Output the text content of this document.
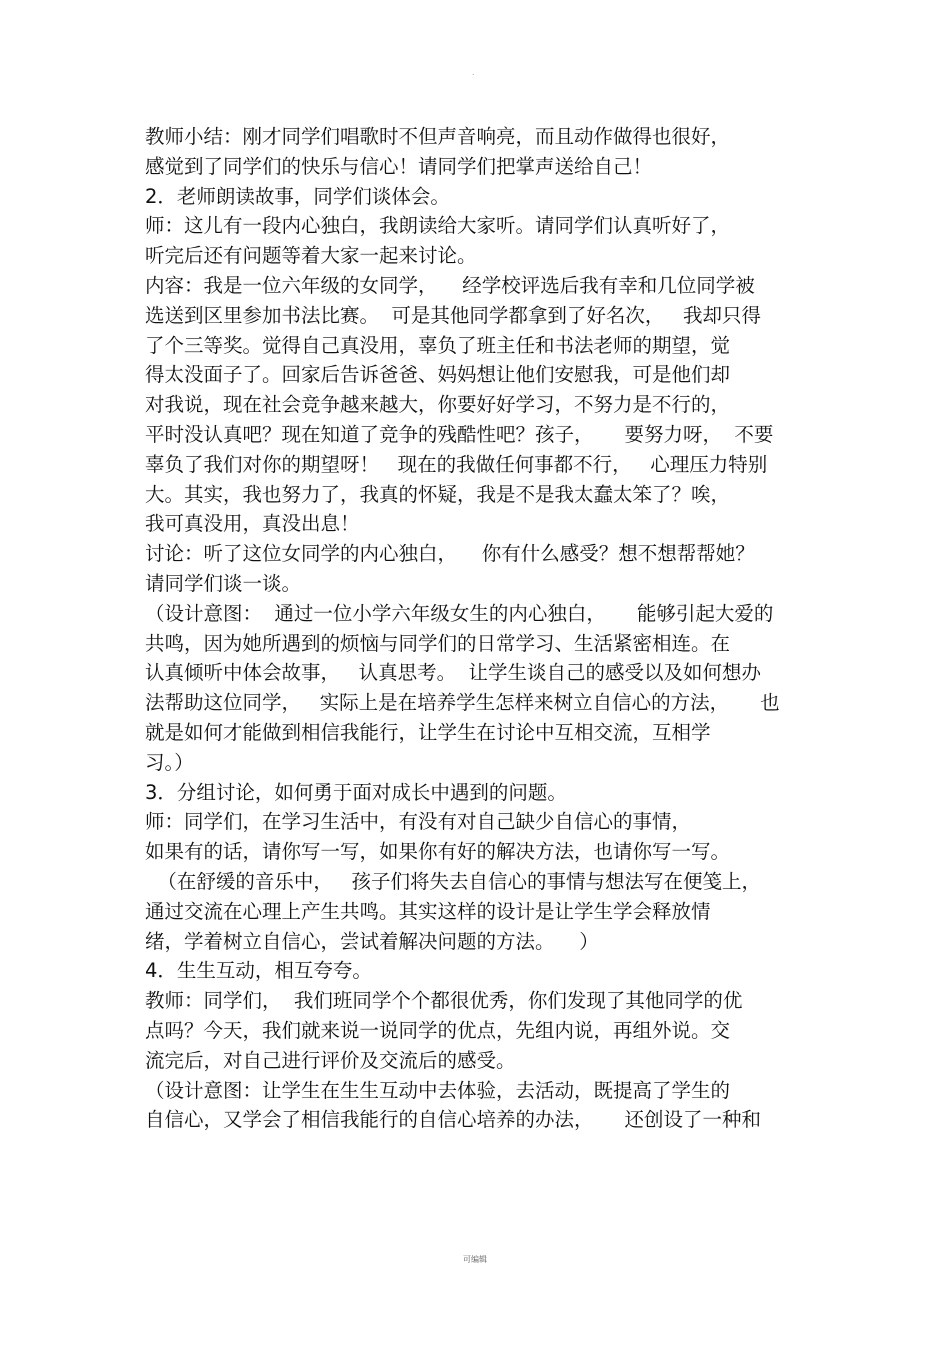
.
教师小结：刚才同学们唱歌时不但声音响亮，而且动作做得也很好，
感觉到了同学们的快乐与信心！请同学们把掌声送给自己！
2．老师朗读故事，同学们谈体会。
师：这儿有一段内心独白，我朗读给大家听。请同学们认真听好了，
听完后还有问题等着大家一起来讨论。
内容：我是一位六年级的女同学，    经学校评选后我有幸和几位同学被
选送到区里参加书法比赛。  可是其他同学都拿到了好名次，   我却只得
了个三等奖。觉得自己真没用，辜负了班主任和书法老师的期望，觉
得太没面子了。回家后告诉爸爸、妈妈想让他们安慰我，可是他们却
对我说，现在社会竞争越来越大，你要好好学习，不努力是不行的，
平时没认真吧？现在知道了竞争的残酷性吧？孩子，     要努力呀，  不要
辜负了我们对你的期望呀！   现在的我做任何事都不行，   心理压力特别
大。其实，我也努力了，我真的怀疑，我是不是我太蠢太笨了？唉，
我可真没用，真没出息！
讨论：听了这位女同学的内心独白，    你有什么感受？想不想帮帮她？
请同学们谈一谈。
（设计意图：  通过一位小学六年级女生的内心独白，     能够引起大爱的
共鸣，因为她所遇到的烦恼与同学们的日常学习、生活紧密相连。在
认真倾听中体会故事，   认真思考。  让学生谈自己的感受以及如何想办
法帮助这位同学，   实际上是在培养学生怎样来树立自信心的方法，     也
就是如何才能做到相信我能行，让学生在讨论中互相交流，互相学
习。）
3．分组讨论，如何勇于面对成长中遇到的问题。
师：同学们，在学习生活中，有没有对自己缺少自信心的事情，
如果有的话，请你写一写，如果你有好的解决方法，也请你写一写。
（在舒缓的音乐中，   孩子们将失去自信心的事情与想法写在便笺上，
通过交流在心理上产生共鸣。其实这样的设计是让学生学会释放情
绪，学着树立自信心，尝试着解决问题的方法。    ）
4．生生互动，相互夸夸。
教师：同学们，  我们班同学个个都很优秀，你们发现了其他同学的优
点吗？今天，我们就来说一说同学的优点，先组内说，再组外说。交
流完后，对自己进行评价及交流后的感受。
（设计意图：让学生在生生互动中去体验，去活动，既提高了学生的
自信心，又学会了相信我能行的自信心培养的办法，     还创设了一种和
可编辑
